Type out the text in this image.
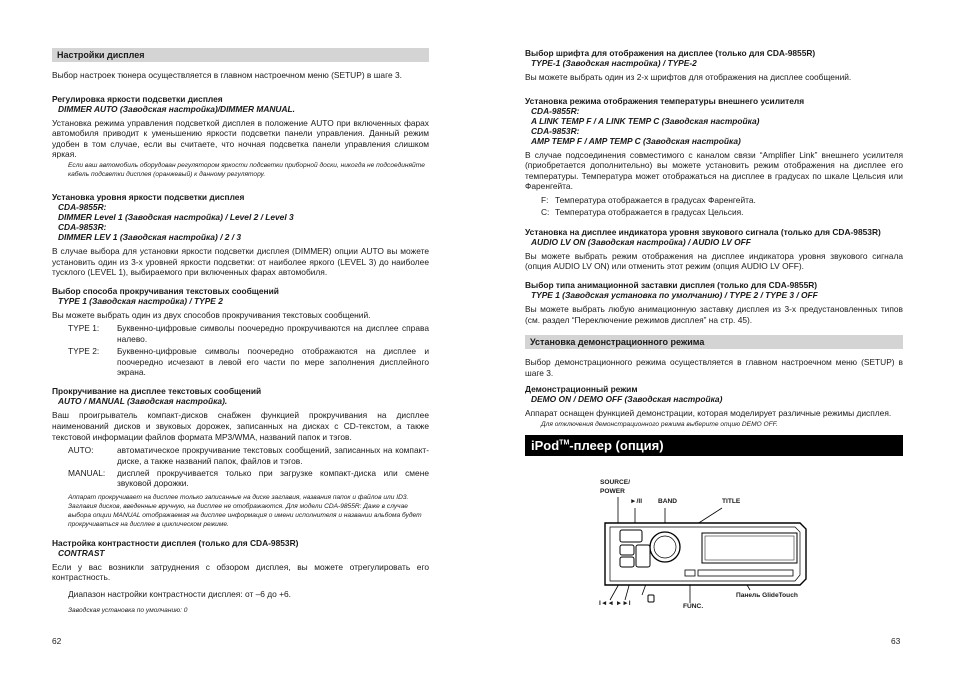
Настройки дисплея

Выбор настроек тюнера осуществляется в главном настроечном меню (SETUP) в шаге 3.

Регулировка яркости подсветки дисплея

DIMMER AUTO (Заводская настройка)/DIMMER MANUAL.

Установка режима управления подсветкой дисплея в положение AUTO при включенных фарах автомобиля приводит к уменьшению яркости подсветки панели управления. Данный режим удобен в том случае, если вы считаете, что ночная подсветка панели управления слишком яркая.

Если ваш автомобиль оборудован регулятором яркости подсветки приборной доски, никогда не подсоединяйте кабель подсветки дисплея (оранжевый) к данному регулятору.

Установка уровня яркости подсветки дисплея

CDA-9855R:

DIMMER Level 1 (Заводская настройка) / Level 2 / Level 3

CDA-9853R:

DIMMER LEV 1 (Заводская настройка) / 2 / 3

В случае выбора для установки яркости подсветки дисплея (DIMMER) опции AUTO вы можете установить один из 3-х уровней яркости подсветки: от наиболее яркого (LEVEL 3) до наиболее тусклого (LEVEL 1), выбираемого при включенных фарах автомобиля.

Выбор способа прокручивания текстовых сообщений

TYPE 1 (Заводская настройка) / TYPE 2

Вы можете выбрать один из двух способов прокручивания текстовых сообщений.

TYPE 1:	Буквенно-цифровые символы поочередно прокручиваются на дисплее справа налево.
TYPE 2:	Буквенно-цифровые символы поочередно отображаются на дисплее и поочередно исчезают в левой его части по мере заполнения дисплейного экрана.

Прокручивание на дисплее текстовых сообщений

AUTO / MANUAL (Заводская настройка).

Ваш проигрыватель компакт-дисков снабжен функцией прокручивания на дисплее наименований дисков и звуковых дорожек, записанных на дисках с CD-текстом, а также текстовой информации файлов формата MP3/WMA, названий папок и тэгов.

AUTO:	автоматическое прокручивание текстовых сообщений, записанных на компакт-диске, а также названий папок, файлов и тэгов.
MANUAL:	дисплей прокручивается только при загрузке компакт-диска или смене звуковой дорожки.

Аппарат прокручивает на дисплее только записанные на диске заглавия, названия папок и файлов или ID3. Заглавия дисков, введенные вручную, на дисплее не отображаются. Для модели CDA-9855R: Даже в случае выбора опции MANUAL отображаемая на дисплее информация о имени исполнителя и названии альбома будет прокручиваться на дисплее в циклическом режиме.

Настройка контрастности дисплея (только для CDA-9853R)

CONTRAST

Если у вас возникли затруднения с обзором дисплея, вы можете отрегулировать его контрастность.

Диапазон настройки контрастности дисплея: от –6 до +6.

Заводская установка по умолчанию: 0

62

Выбор шрифта для отображения на дисплее (только для CDA-9855R)

TYPE-1 (Заводская настройка) / TYPE-2

Вы можете выбрать один из 2-х шрифтов для отображения на дисплее сообщений.

Установка режима отображения температуры внешнего усилителя

CDA-9855R:

A LINK TEMP F / A LINK TEMP C (Заводская настройка)

CDA-9853R:

AMP TEMP F / AMP TEMP C (Заводская настройка)

В случае подсоединения совместимого с каналом связи “Amplifier Link” внешнего усилителя (приобретается дополнительно) вы можете установить режим отображения на дисплее его температуры. Температура может отображаться на дисплее в градусах по шкале Цельсия или Фаренгейта.

F: Температура отображается в градусах Фаренгейта.
C: Температура отображается в градусах Цельсия.

Установка на дисплее индикатора уровня звукового сигнала (только для CDA-9853R)

AUDIO LV ON (Заводская настройка) / AUDIO LV OFF

Вы можете выбрать режим отображения на дисплее индикатора уровня звукового сигнала (опция AUDIO LV ON) или отменить этот режим (опция AUDIO LV OFF).

Выбор типа анимационной заставки дисплея (только для CDA-9855R)

TYPE 1 (Заводская установка по умолчанию) / TYPE 2 / TYPE 3 / OFF

Вы можете выбрать любую анимационную заставку дисплея из 3-х предустановленных типов (см. раздел “Переключение режимов дисплея” на стр. 45).

Установка демонстрационного режима

Выбор демонстрационного режима осуществляется в главном настроечном меню (SETUP) в шаге 3.

Демонстрационный режим

DEMO ON / DEMO OFF (Заводская настройка)

Аппарат оснащен функцией демонстрации, которая моделирует различные режимы дисплея.

Для отключения демонстрационного режима выберите опцию DEMO OFF.

iPod™-плеер (опция)
SOURCE/
POWER
►/II BAND	TITLE
I◄◄ ►►I	FUNC.
Панель GlideTouch
63
